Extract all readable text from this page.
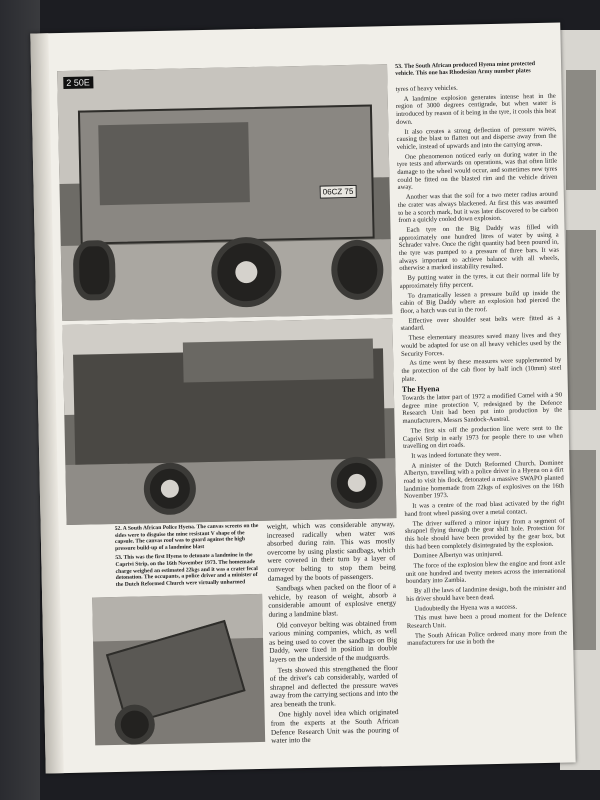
2 50E
06CZ 75

52. A South African Police Hyena. The canvas screens on the sides were to disguise the mine resistant V shape of the capsule. The canvas roof was to guard against the high pressure build-up of a landmine blast

53. This was the first Hyena to detonate a landmine in the Caprivi Strip, on the 16th November 1973. The homemade charge weighed an estimated 22kgs and it was a crater fecal detonation. The occupants, a police driver and a minister of the Dutch Reformed Church were virtually unharmed

53. The South African produced Hyena mine protected vehicle. This one has Rhodesian Army number plates

weight, which was considerable anyway, increased radically when water was absorbed during rain. This was mostly overcome by using plastic sandbags, which were covered in their turn by a layer of conveyor belting to stop them being damaged by the boots of passengers.

Sandbags when packed on the floor of a vehicle, by reason of weight, absorb a considerable amount of explosive energy during a landmine blast.

Old conveyor belting was obtained from various mining companies, which, as well as being used to cover the sandbags on Big Daddy, were fixed in position in double layers on the underside of the mudguards.

Tests showed this strengthened the floor of the driver's cab considerably, warded of shrapnel and deflected the pressure waves away from the carrying sections and into the area beneath the trunk.

One highly novel idea which originated from the experts at the South African Defence Research Unit was the pouring of water into the

tyres of heavy vehicles.

A landmine explosion generates intense heat in the region of 3000 degrees centigrade, but when water is introduced by reason of it being in the tyre, it cools this heat down.

It also creates a strong deflection of pressure waves, causing the blast to flatten out and disperse away from the vehicle, instead of upwards and into the carrying areas.

One phenomenon noticed early on during water in the tyre tests and afterwards on operations, was that often little damage to the wheel would occur, and sometimes new tyres could be fitted on the blasted rim and the vehicle driven away.

Another was that the soil for a two meter radius around the crater was always blackened. At first this was assumed to be a scorch mark, but it was later discovered to be carbon from a quickly cooled down explosion.

Each tyre on the Big Daddy was filled with approximately one hundred litres of water by using a Schrader valve. Once the right quantity had been poured in, the tyre was pumped to a pressure of three bars. It was always important to achieve balance with all wheels, otherwise a marked instability resulted.

By putting water in the tyres, it cut their normal life by approximately fifty percent.

To dramatically lessen a pressure build up inside the cabin of Big Daddy where an explosion had pierced the floor, a hatch was cut in the roof.

Effective over shoulder seat belts were fitted as a standard.

These elementary measures saved many lives and they would be adapted for use on all heavy vehicles used by the Security Forces.

As time went by these measures were supplemented by the protection of the cab floor by half inch (10mm) steel plate.

The Hyena

Towards the latter part of 1972 a modified Camel with a 90 degree mine protection V, redesigned by the Defence Research Unit had been put into production by the manufacturers, Messrs Sandock-Austral.

The first six off the production line were sent to the Caprivi Strip in early 1973 for people there to use when travelling on dirt roads.

It was indeed fortunate they were.

A minister of the Dutch Reformed Church, Dominee Albertyn, travelling with a police driver in a Hyena on a dirt road to visit his flock, detonated a massive SWAPO planted landmine homemade from 22kgs of explosives on the 16th November 1973.

It was a centre of the road blast activated by the right hand front wheel passing over a metal contact.

The driver suffered a minor injury from a segment of shrapnel flying through the gear shift hole. Protection for this hole should have been provided by the gear box, but this had been completely disintegrated by the explosion.

Dominee Albertyn was uninjured.

The force of the explosion blew the engine and front axle unit one hundred and twenty meters across the international boundary into Zambia.

By all the laws of landmine design, both the minister and his driver should have been dead.

Undoubtedly the Hyena was a success.

This must have been a proud moment for the Defence Research Unit.

The South African Police ordered many more from the manufacturers for use in both the
